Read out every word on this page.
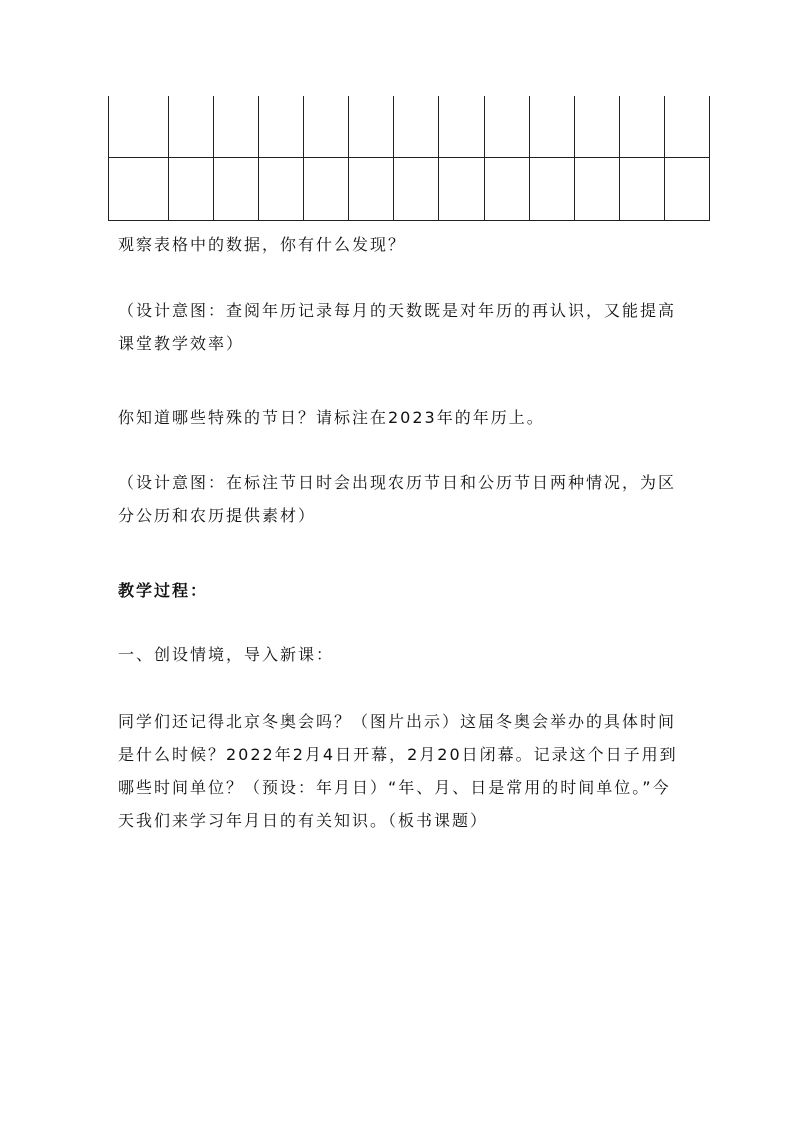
观察表格中的数据，你有什么发现？

（设计意图：查阅年历记录每月的天数既是对年历的再认识，又能提高课堂教学效率）

你知道哪些特殊的节日？请标注在2023年的年历上。

（设计意图：在标注节日时会出现农历节日和公历节日两种情况，为区分公历和农历提供素材）

教学过程：

一、创设情境，导入新课：

同学们还记得北京冬奥会吗？（图片出示）这届冬奥会举办的具体时间是什么时候？2022年2月4日开幕，2月20日闭幕。记录这个日子用到哪些时间单位？（预设：年月日）“年、月、日是常用的时间单位。”今天我们来学习年月日的有关知识。（板书课题）
